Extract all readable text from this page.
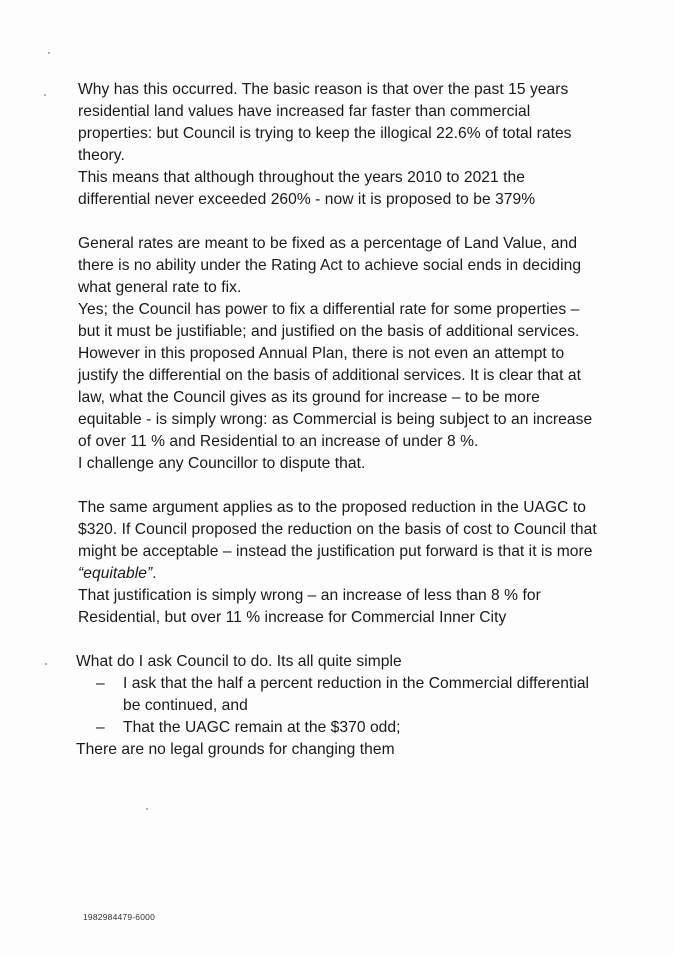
Why has this occurred. The basic reason is that over the past 15 years residential land values have increased far faster than commercial properties: but Council is trying to keep the illogical 22.6% of total rates theory.

This means that although throughout the years 2010 to 2021 the differential never exceeded 260% - now it is proposed to be 379%

General rates are meant to be fixed as a percentage of Land Value, and there is no ability under the Rating Act to achieve social ends in deciding what general rate to fix.

Yes; the Council has power to fix a differential rate for some properties – but it must be justifiable; and justified on the basis of additional services.

However in this proposed Annual Plan, there is not even an attempt to justify the differential on the basis of additional services. It is clear that at law, what the Council gives as its ground for increase – to be more equitable - is simply wrong: as Commercial is being subject to an increase of over 11 % and Residential to an increase of under 8 %.

I challenge any Councillor to dispute that.

The same argument applies as to the proposed reduction in the UAGC to $320. If Council proposed the reduction on the basis of cost to Council that might be acceptable – instead the justification put forward is that it is more “equitable”.

That justification is simply wrong – an increase of less than 8 % for Residential, but over 11 % increase for Commercial Inner City

What do I ask Council to do. Its all quite simple

–	I ask that the half a percent reduction in the Commercial differential be continued, and
–	That the UAGC remain at the $370 odd;

There are no legal grounds for changing them

1982984479-6000
